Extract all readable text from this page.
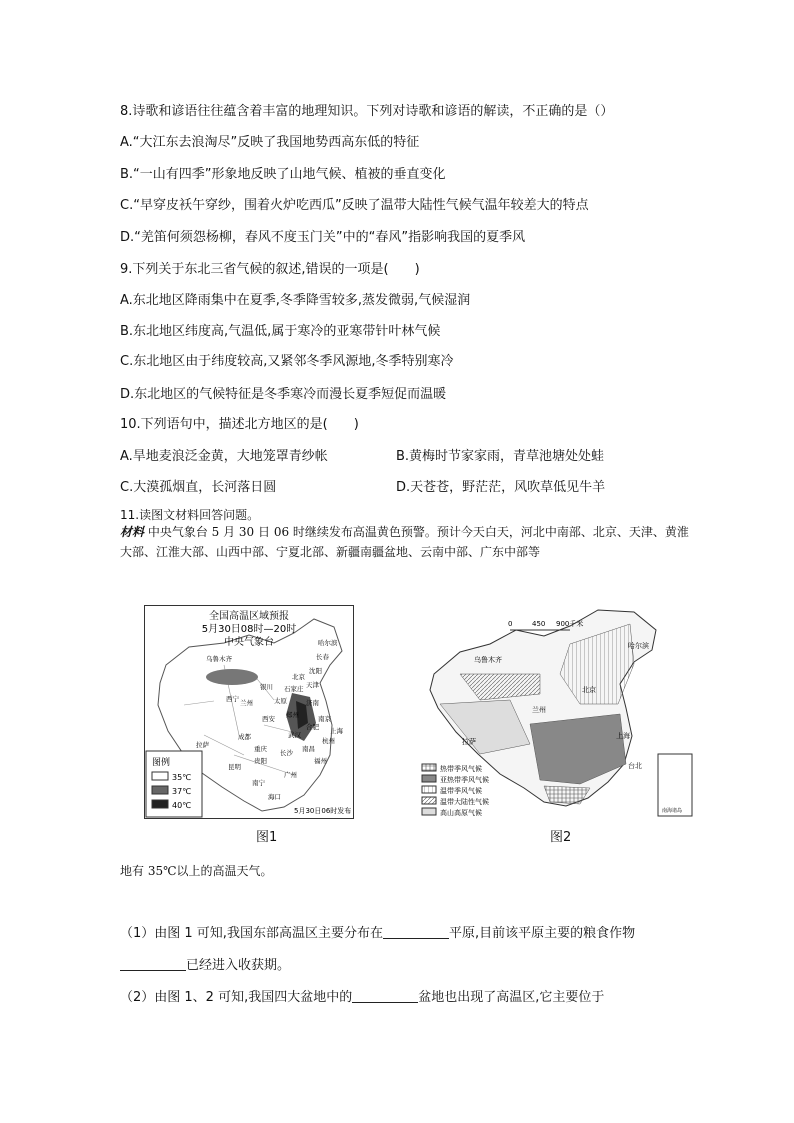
8.诗歌和谚语往往蕴含着丰富的地理知识。下列对诗歌和谚语的解读，不正确的是（）
A.“大江东去浪淘尽”反映了我国地势西高东低的特征
B.“一山有四季”形象地反映了山地气候、植被的垂直变化
C.“早穿皮袄午穿纱，围着火炉吃西瓜”反映了温带大陆性气候气温年较差大的特点
D.“羌笛何须怨杨柳，春风不度玉门关”中的“春风”指影响我国的夏季风
9.下列关于东北三省气候的叙述,错误的一项是(　　)
A.东北地区降雨集中在夏季,冬季降雪较多,蒸发微弱,气候湿润
B.东北地区纬度高,气温低,属于寒冷的亚寒带针叶林气候
C.东北地区由于纬度较高,又紧邻冬季风源地,冬季特别寒冷
D.东北地区的气候特征是冬季寒冷而漫长夏季短促而温暖
10.下列语句中，描述北方地区的是(　　)
A.旱地麦浪泛金黄，大地笼罩青纱帐	B.黄梅时节家家雨，青草池塘处处蛙
C.大漠孤烟直，长河落日圆	D.天苍苍，野茫茫，风吹草低见牛羊
11.读图文材料回答问题。
材料 中央气象台 5 月 30 日 06 时继续发布高温黄色预警。预计今天白天，河北中南部、北京、天津、黄淮大部、江淮大部、山西中部、宁夏北部、新疆南疆盆地、云南中部、广东中部等
全国高温区域预报
5月30日08时—20时
中央气象台
乌鲁木齐
哈尔滨
长春
沈阳
北京
天津
石家庄
太原	济南
郑州
西安
兰州
西宁
银川
成都
重庆
武汉
合肥
南京
上海
拉萨
昆明
贵阳
长沙 南昌
南宁
广州
海口
福州
杭州
图例
35℃
37℃
40℃
5月30日06时发布
图1
0	450 900千米
乌鲁木齐
哈尔滨
北京
兰州
拉萨
上海
台北
热带季风气候
亚热带季风气候
温带季风气候
温带大陆性气候
高山高原气候	南海诸岛
图2
地有 35℃以上的高温天气。
（1）由图 1 可知,我国东部高温区主要分布在	平原,目前该平原主要的粮食作物
已经进入收获期。
（2）由图 1、2 可知,我国四大盆地中的	盆地也出现了高温区,它主要位于
